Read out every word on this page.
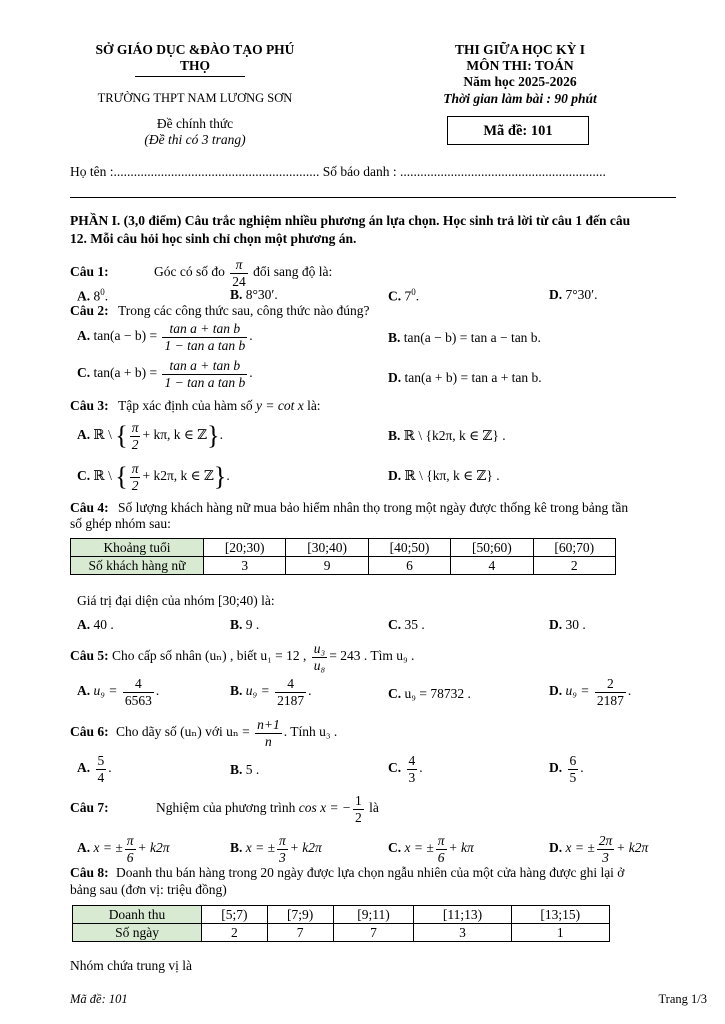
SỞ GIÁO DỤC &ĐÀO TẠO PHÚ
THỌ
TRƯỜNG THPT NAM LƯƠNG SƠN
Đề chính thức
(Đề thi có 3 trang)
THI GIỮA HỌC KỲ I
MÔN THI: TOÁN
Năm học 2025-2026
Thời gian làm bài : 90 phút
Mã đề: 101
Họ tên :............................................................. Số báo danh : .............................................................
PHẦN I. (3,0 điểm) Câu trắc nghiệm nhiều phương án lựa chọn. Học sinh trả lời từ câu 1 đến câu
12. Mỗi câu hỏi học sinh chỉ chọn một phương án.
Câu 1:	Góc có số đo $\frac{\pi}{24}$ đổi sang độ là:
A. $8^0$.	B. 8°30′.	C. $7^0$.	D. 7°30′.
Câu 2: Trong các công thức sau, công thức nào đúng?
A. $\tan(a - b) = \frac{\text{tan a + tan b}}{\text{1 − tan a tan b}}$ .	B. tan(a − b) = tan a − tan b.
C. $\tan(a + b) = \frac{\text{tan a + tan b}}{\text{1 − tan a tan b}}$ .	D. tan(a + b) = tan a + tan b.
Câu 3: Tập xác định của hàm số y = cot x là:
A. ℝ \ { $\frac{\pi}{2} + k\pi$, k ∈ ℤ}.	B. ℝ \ {k2π, k ∈ ℤ} .
C. ℝ \ { $\frac{\pi}{2} + k2\pi$, k ∈ ℤ}.	D. ℝ \ {kπ, k ∈ ℤ} .
Câu 4: Số lượng khách hàng nữ mua bảo hiểm nhân thọ trong một ngày được thống kê trong bảng tần
số ghép nhóm sau:
Khoảng tuổi	[20;30)	[30;40)	[40;50)	[50;60)	[60;70)
Số khách hàng nữ	3	9	6	4	2
Giá trị đại diện của nhóm [30;40) là:
A. 40 .	B. 9 .	C. 35 .	D. 30 .
Câu 5: Cho cấp số nhân (uₙ) , biết u₁ = 12 , $\frac{\text{u₃}}{\text{u₈}} = 243$ . Tìm u₉ .
A. $u_9 = \frac{4}{6563}$ .	B. $u_9 = \frac{4}{2187}$ .	C. u₉ = 78732 .	D. $u_9 = \frac{2}{2187}$ .
Câu 6: Cho dãy số (uₙ) với $u_n = \frac{n+1}{n}$ . Tính u₃ .
A. $\frac{5}{4}$ .	B. 5 .	C. $\frac{4}{3}$ .	D. $\frac{6}{5}$ .
Câu 7:	Nghiệm của phương trình cos x = − $\frac{1}{2}$ là
A. x = ± $\frac{\pi}{6} + k2\pi$	B. x = ± $\frac{\pi}{3} + k2\pi$	C. x = ± $\frac{\pi}{6} + k\pi$	D. x = ± $\frac{2\pi}{3} + k2\pi$
Câu 8: Doanh thu bán hàng trong 20 ngày được lựa chọn ngẫu nhiên của một cửa hàng được ghi lại ở
bảng sau (đơn vị: triệu đồng)
Doanh thu	[5;7)	[7;9)	[9;11)	[11;13)	[13;15)
Số ngày	2	7	7	3	1
Nhóm chứa trung vị là
Mã đề: 101	Trang 1/3
